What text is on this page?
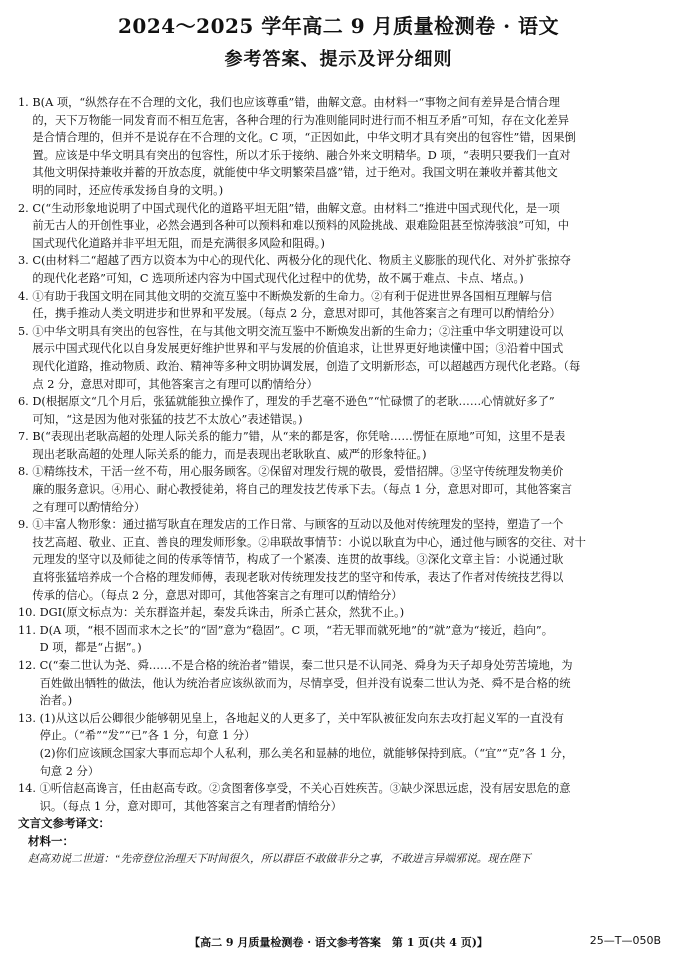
2024～2025 学年高二 9 月质量检测卷 · 语文
参考答案、提示及评分细则
1. B(A 项，“纵然存在不合理的文化，我们也应该尊重”错，曲解文意。由材料一“事物之间有差异是合情合理
的，天下万物能一同发育而不相互危害，各种合理的行为准则能同时进行而不相互矛盾”可知，存在文化差异
是合情合理的，但并不是说存在不合理的文化。C 项，“正因如此，中华文明才具有突出的包容性”错，因果倒
置。应该是中华文明具有突出的包容性，所以才乐于接纳、融合外来文明精华。D 项，“表明只要我们一直对
其他文明保持兼收并蓄的开放态度，就能使中华文明繁荣昌盛”错，过于绝对。我国文明在兼收并蓄其他文
明的同时，还应传承发扬自身的文明。)
2. C(“生动形象地说明了中国式现代化的道路平坦无阻”错，曲解文意。由材料二“推进中国式现代化，是一项
前无古人的开创性事业，必然会遇到各种可以预料和难以预料的风险挑战、艰难险阻甚至惊涛骇浪”可知，中
国式现代化道路并非平坦无阻，而是充满很多风险和阻碍。)
3. C(由材料二“超越了西方以资本为中心的现代化、两极分化的现代化、物质主义膨胀的现代化、对外扩张掠夺
的现代化老路”可知，C 选项所述内容为中国式现代化过程中的优势，故不属于难点、卡点、堵点。)
4. ①有助于我国文明在同其他文明的交流互鉴中不断焕发新的生命力。②有利于促进世界各国相互理解与信
任，携手推动人类文明进步和世界和平发展。（每点 2 分，意思对即可，其他答案言之有理可以酌情给分）
5. ①中华文明具有突出的包容性，在与其他文明交流互鉴中不断焕发出新的生命力；②注重中华文明建设可以
展示中国式现代化以自身发展更好维护世界和平与发展的价值追求，让世界更好地读懂中国；③沿着中国式
现代化道路，推动物质、政治、精神等多种文明协调发展，创造了文明新形态，可以超越西方现代化老路。（每
点 2 分，意思对即可，其他答案言之有理可以酌情给分）
6. D(根据原文“几个月后，张猛就能独立操作了，理发的手艺毫不逊色”“忙碌惯了的老耿……心情就好多了”
可知，“这是因为他对张猛的技艺不太放心”表述错误。)
7. B(“表现出老耿高超的处理人际关系的能力”错，从“来的都是客，你凭啥……愣怔在原地”可知，这里不是表
现出老耿高超的处理人际关系的能力，而是表现出老耿耿直、威严的形象特征。)
8. ①精练技术，干活一丝不苟，用心服务顾客。②保留对理发行规的敬畏，爱惜招牌。③坚守传统理发物美价
廉的服务意识。④用心、耐心教授徒弟，将自己的理发技艺传承下去。（每点 1 分，意思对即可，其他答案言
之有理可以酌情给分）
9. ①丰富人物形象：通过描写耿直在理发店的工作日常、与顾客的互动以及他对传统理发的坚持，塑造了一个
技艺高超、敬业、正直、善良的理发师形象。②串联故事情节：小说以耿直为中心，通过他与顾客的交往、对十
元理发的坚守以及师徒之间的传承等情节，构成了一个紧凑、连贯的故事线。③深化文章主旨：小说通过耿
直将张猛培养成一个合格的理发师傅，表现老耿对传统理发技艺的坚守和传承，表达了作者对传统技艺得以
传承的信心。（每点 2 分，意思对即可，其他答案言之有理可以酌情给分）
10. DGI(原文标点为：关东群盗并起，秦发兵诛击，所杀亡甚众，然犹不止。)
11. D(A 项，“根不固而求木之长”的“固”意为“稳固”。C 项，“若无罪而就死地”的“就”意为“接近，趋向”。
D 项，都是“占据”。)
12. C(“秦二世认为尧、舜……不是合格的统治者”错误，秦二世只是不认同尧、舜身为天子却身处劳苦境地，为
百姓做出牺牲的做法，他认为统治者应该纵欲而为，尽情享受，但并没有说秦二世认为尧、舜不是合格的统
治者。)
13. (1)从这以后公卿很少能够朝见皇上，各地起义的人更多了，关中军队被征发向东去攻打起义军的一直没有
停止。（“希”“发”“已”各 1 分，句意 1 分）
(2)你们应该顾念国家大事而忘却个人私利，那么美名和显赫的地位，就能够保持到底。（“宜”“克”各 1 分，
句意 2 分）
14. ①听信赵高谗言，任由赵高专政。②贪图奢侈享受，不关心百姓疾苦。③缺少深思远虑，没有居安思危的意
识。（每点 1 分，意对即可，其他答案言之有理者酌情给分）
文言文参考译文：
材料一：
赵高劝说二世道：“先帝登位治理天下时间很久，所以群臣不敢做非分之事，不敢进言异端邪说。现在陛下
【高二 9 月质量检测卷 · 语文参考答案　第 1 页(共 4 页)】	25—T—050B
